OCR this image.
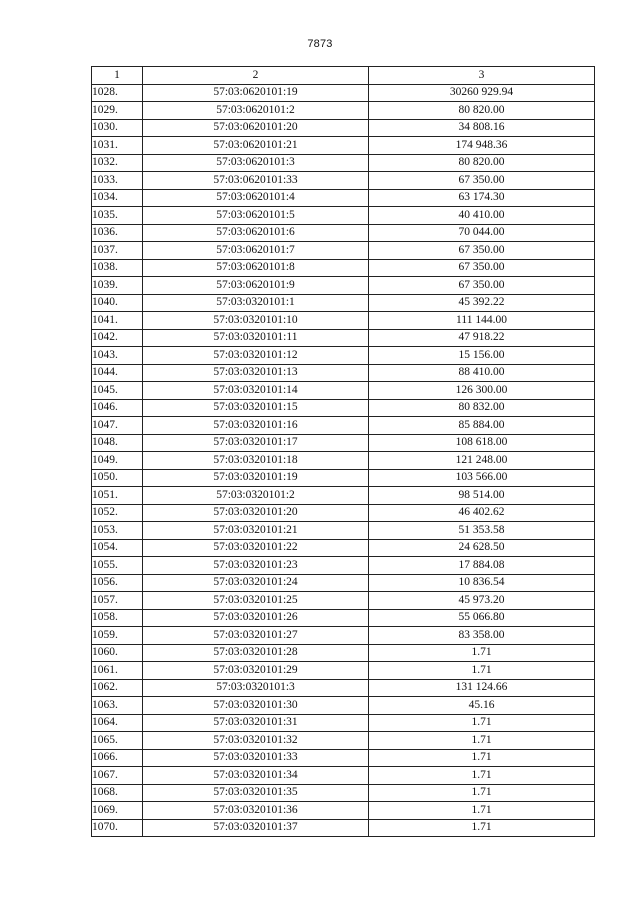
7873
1	2	3
1028.	57:03:0620101:19	30260 929.94
1029.	57:03:0620101:2	80 820.00
1030.	57:03:0620101:20	34 808.16
1031.	57:03:0620101:21	174 948.36
1032.	57:03:0620101:3	80 820.00
1033.	57:03:0620101:33	67 350.00
1034.	57:03:0620101:4	63 174.30
1035.	57:03:0620101:5	40 410.00
1036.	57:03:0620101:6	70 044.00
1037.	57:03:0620101:7	67 350.00
1038.	57:03:0620101:8	67 350.00
1039.	57:03:0620101:9	67 350.00
1040.	57:03:0320101:1	45 392.22
1041.	57:03:0320101:10	111 144.00
1042.	57:03:0320101:11	47 918.22
1043.	57:03:0320101:12	15 156.00
1044.	57:03:0320101:13	88 410.00
1045.	57:03:0320101:14	126 300.00
1046.	57:03:0320101:15	80 832.00
1047.	57:03:0320101:16	85 884.00
1048.	57:03:0320101:17	108 618.00
1049.	57:03:0320101:18	121 248.00
1050.	57:03:0320101:19	103 566.00
1051.	57:03:0320101:2	98 514.00
1052.	57:03:0320101:20	46 402.62
1053.	57:03:0320101:21	51 353.58
1054.	57:03:0320101:22	24 628.50
1055.	57:03:0320101:23	17 884.08
1056.	57:03:0320101:24	10 836.54
1057.	57:03:0320101:25	45 973.20
1058.	57:03:0320101:26	55 066.80
1059.	57:03:0320101:27	83 358.00
1060.	57:03:0320101:28	1.71
1061.	57:03:0320101:29	1.71
1062.	57:03:0320101:3	131 124.66
1063.	57:03:0320101:30	45.16
1064.	57:03:0320101:31	1.71
1065.	57:03:0320101:32	1.71
1066.	57:03:0320101:33	1.71
1067.	57:03:0320101:34	1.71
1068.	57:03:0320101:35	1.71
1069.	57:03:0320101:36	1.71
1070.	57:03:0320101:37	1.71
